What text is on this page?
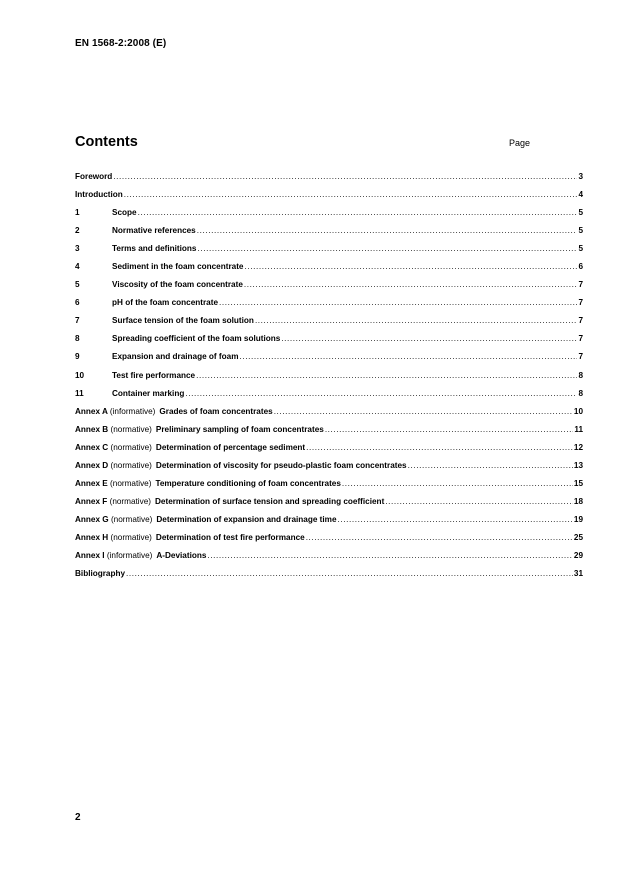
EN 1568-2:2008 (E)
Contents	Page
Foreword .....	3
Introduction .....	4
1	Scope .....	5
2	Normative references .....	5
3	Terms and definitions .....	5
4	Sediment in the foam concentrate .....	6
5	Viscosity of the foam concentrate .....	7
6	pH of the foam concentrate .....	7
7	Surface tension of the foam solution .....	7
8	Spreading coefficient of the foam solutions .....	7
9	Expansion and drainage of foam .....	7
10	Test fire performance .....	8
11	Container marking .....	8
Annex A (informative) Grades of foam concentrates .....	10
Annex B (normative) Preliminary sampling of foam concentrates .....	11
Annex C (normative) Determination of percentage sediment .....	12
Annex D (normative) Determination of viscosity for pseudo-plastic foam concentrates .....	13
Annex E (normative) Temperature conditioning of foam concentrates .....	15
Annex F (normative) Determination of surface tension and spreading coefficient .....	18
Annex G (normative) Determination of expansion and drainage time .....	19
Annex H (normative) Determination of test fire performance .....	25
Annex I (informative) A-Deviations .....	29
Bibliography .....	31
2
